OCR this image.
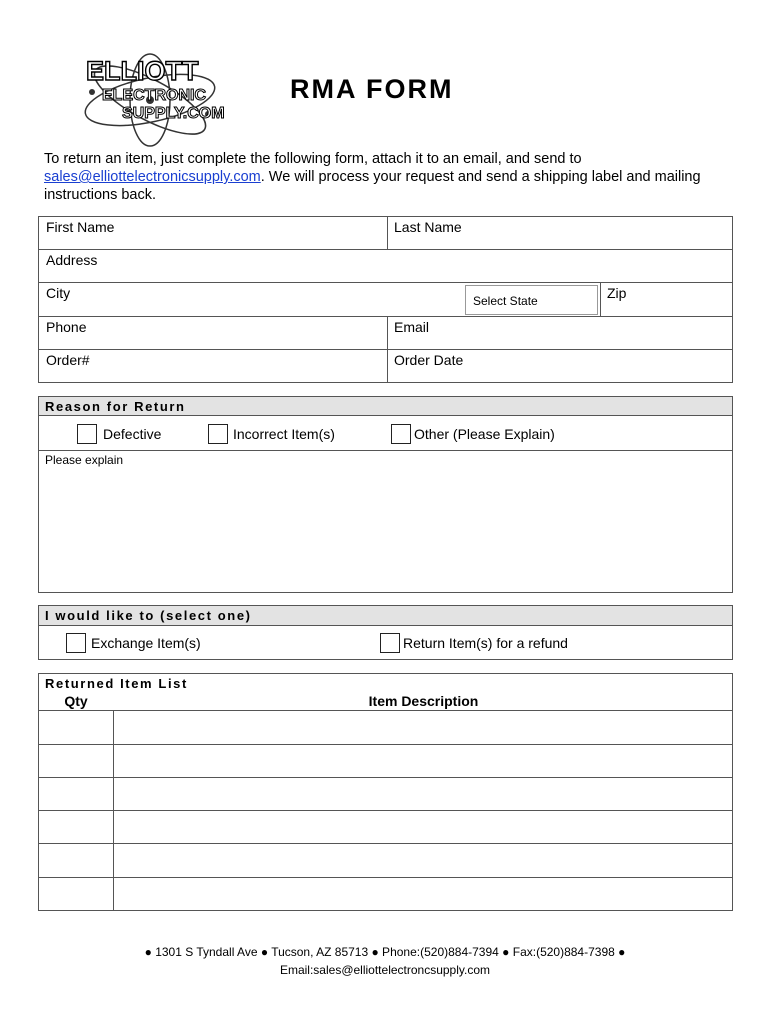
ELLIOTT
ELECTRONIC
SUPPLY.COM
RMA FORM
To return an item, just complete the following form, attach it to an email, and send to
sales@elliottelectronicsupply.com. We will process your request and send a shipping label and mailing instructions back.
First Name	Last Name
Address
City	Select State	Zip
Phone	Email
Order#	Order Date
Reason for Return
Defective	Incorrect Item(s)	Other (Please Explain)
Please explain
I would like to (select one)
Exchange Item(s)	Return Item(s) for a refund
Returned Item List
Qty	Item Description
● 1301 S Tyndall Ave ● Tucson, AZ 85713 ● Phone:(520)884-7394 ● Fax:(520)884-7398 ●
Email:sales@elliottelectroncsupply.com
